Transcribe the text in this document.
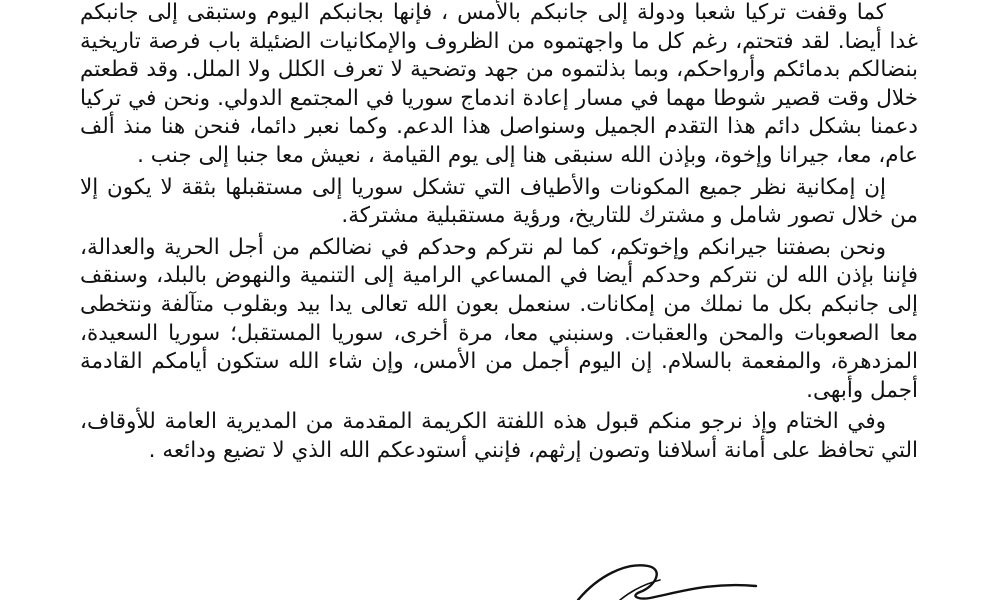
كما وقفت تركيا شعبا ودولة إلى جانبكم بالأمس ، فإنها بجانبكم اليوم وستبقى إلى جانبكم غدا أيضا. لقد فتحتم، رغم كل ما واجهتموه من الظروف والإمكانيات الضئيلة باب فرصة تاريخية بنضالكم بدمائكم وأرواحكم، وبما بذلتموه من جهد وتضحية لا تعرف الكلل ولا الملل. وقد قطعتم خلال وقت قصير شوطا مهما في مسار إعادة اندماج سوريا في المجتمع الدولي. ونحن في تركيا دعمنا بشكل دائم هذا التقدم الجميل وسنواصل هذا الدعم. وكما نعبر دائما، فنحن هنا منذ ألف عام، معا، جيرانا وإخوة، وبإذن الله سنبقى هنا إلى يوم القيامة ، نعيش معا جنبا إلى جنب .

إن إمكانية نظر جميع المكونات والأطياف التي تشكل سوريا إلى مستقبلها بثقة لا يكون إلا من خلال تصور شامل و مشترك للتاريخ، ورؤية مستقبلية مشتركة.

ونحن بصفتنا جيرانكم وإخوتكم، كما لم نتركم وحدكم في نضالكم من أجل الحرية والعدالة، فإننا بإذن الله لن نتركم وحدكم أيضا في المساعي الرامية إلى التنمية والنهوض بالبلد، وسنقف إلى جانبكم بكل ما نملك من إمكانات. سنعمل بعون الله تعالى يدا بيد وبقلوب متآلفة ونتخطى معا الصعوبات والمحن والعقبات. وسنبني معا، مرة أخرى، سوريا المستقبل؛ سوريا السعيدة، المزدهرة، والمفعمة بالسلام. إن اليوم أجمل من الأمس، وإن شاء الله ستكون أيامكم القادمة أجمل وأبهى.

وفي الختام وإذ نرجو منكم قبول هذه اللفتة الكريمة المقدمة من المديرية العامة للأوقاف، التي تحافظ على أمانة أسلافنا وتصون إرثهم، فإنني أستودعكم الله الذي لا تضيع ودائعه .
